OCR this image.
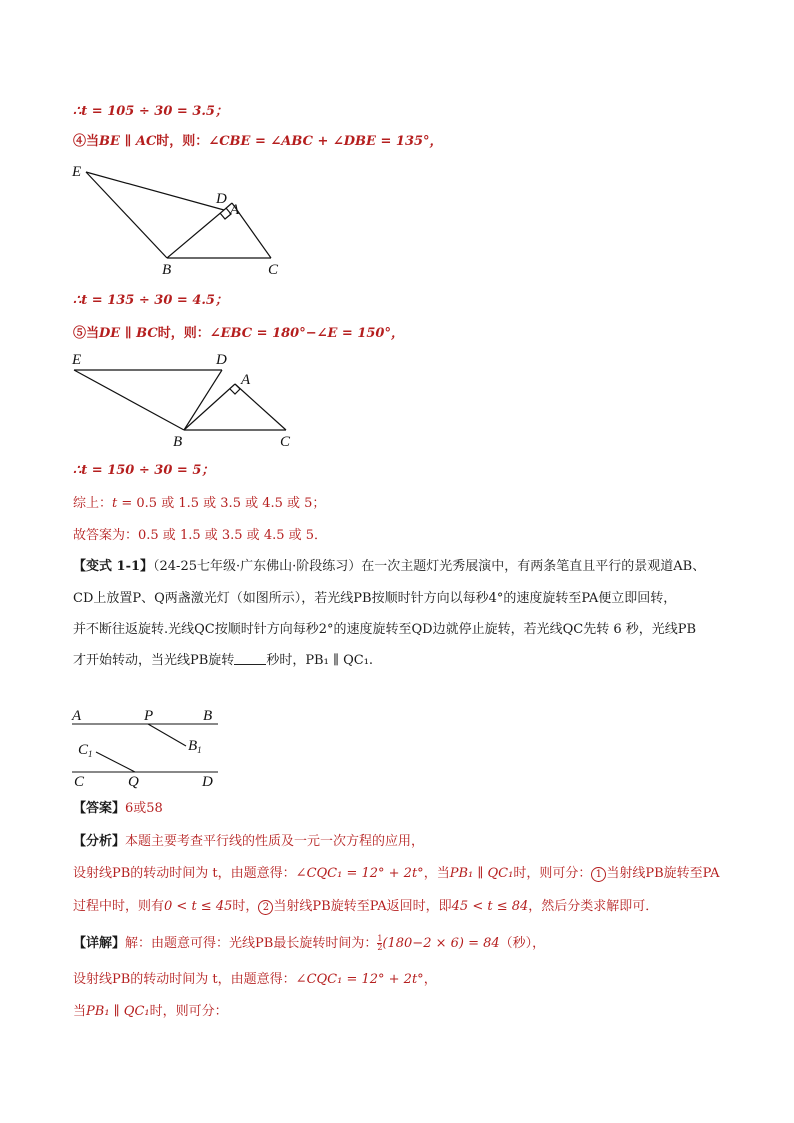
∴t = 105 ÷ 30 = 3.5；
④当BE ∥ AC时，则：∠CBE = ∠ABC + ∠DBE = 135°，
E
D
A
B	C
∴t = 135 ÷ 30 = 4.5；
⑤当DE ∥ BC时，则：∠EBC = 180°−∠E = 150°，
E	D
A
B	C
∴t = 150 ÷ 30 = 5；
综上：t = 0.5 或 1.5 或 3.5 或 4.5 或 5；
故答案为：0.5 或 1.5 或 3.5 或 4.5 或 5．
【变式 1-1】（24-25七年级·广东佛山·阶段练习）在一次主题灯光秀展演中，有两条笔直且平行的景观道AB、
CD上放置P、Q两盏激光灯（如图所示），若光线PB按顺时针方向以每秒4°的速度旋转至PA便立即回转，
并不断往返旋转.光线QC按顺时针方向每秒2°的速度旋转至QD边就停止旋转，若光线QC先转 6 秒，光线PB
才开始转动，当光线PB旋转 秒时，PB₁ ∥ QC₁.
A	P	B
$C_1$	$B_1$
C	Q	D
【答案】6或58
【分析】本题主要考查平行线的性质及一元一次方程的应用，
设射线PB的转动时间为 t，由题意得：∠CQC₁ = 12° + 2t°，当PB₁ ∥ QC₁时，则可分： 1 当射线PB旋转至PA
过程中时，则有0 < t ≤ 45时， 2 当射线PB旋转至PA返回时，即45 < t ≤ 84，然后分类求解即可．
【详解】解：由题意可得：光线PB最长旋转时间为： $\frac{1}{2} (180-2 \times 6) = 84$（秒），
设射线PB的转动时间为 t，由题意得：∠CQC₁ = 12° + 2t°，
当PB₁ ∥ QC₁时，则可分：
